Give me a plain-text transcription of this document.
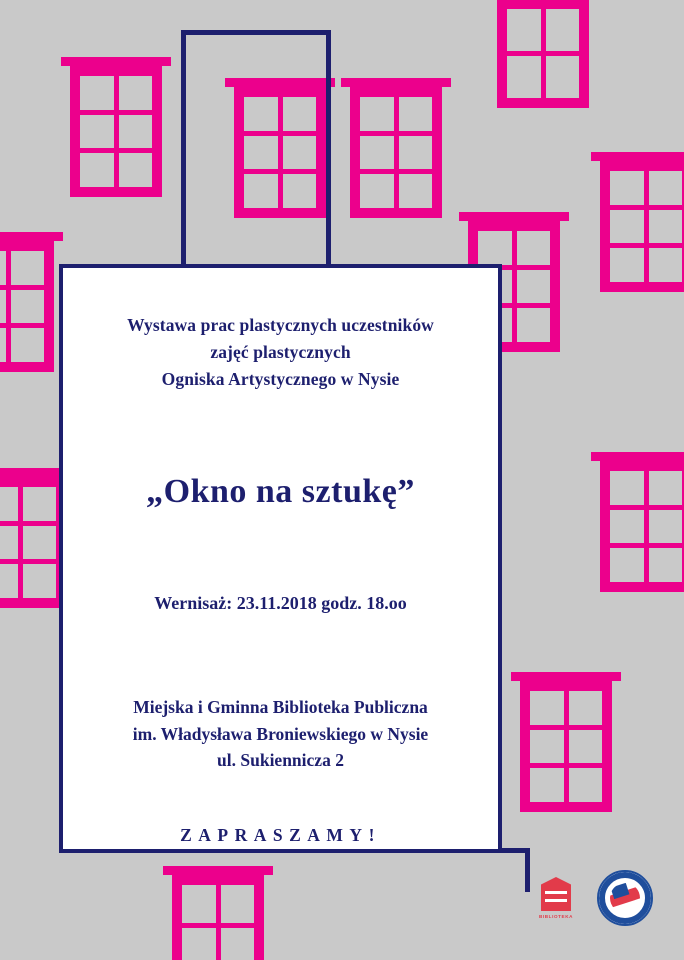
Wystawa prac plastycznych uczestników
zajęć plastycznych
Ogniska Artystycznego w Nysie
„Okno na sztukę”
Wernisaż: 23.11.2018 godz. 18.oo
Miejska i Gminna Biblioteka Publiczna
im. Władysława Broniewskiego w Nysie
ul. Sukiennicza 2
ZAPRASZAMY!
BIBLIOTEKA
